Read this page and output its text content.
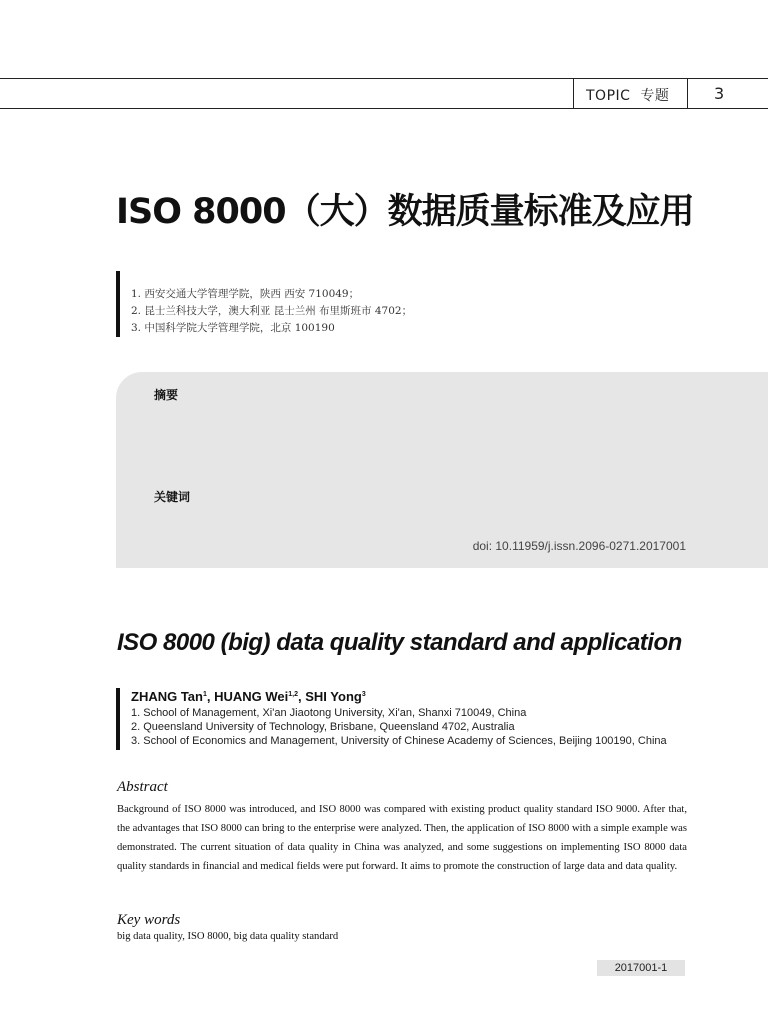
TOPIC 专题	3
ISO 8000（大）数据质量标准及应用
1. 西安交通大学管理学院，陕西 西安 710049；
2. 昆士兰科技大学，澳大利亚 昆士兰州 布里斯班市 4702；
3. 中国科学院大学管理学院，北京 100190
摘要
关键词
doi: 10.11959/j.issn.2096-0271.2017001
ISO 8000 (big) data quality standard and application
ZHANG Tan$^1$, HUANG Wei$^{1,2}$, SHI Yong$^3$
1. School of Management, Xi'an Jiaotong University, Xi'an, Shanxi 710049, China
2. Queensland University of Technology, Brisbane, Queensland 4702, Australia
3. School of Economics and Management, University of Chinese Academy of Sciences, Beijing 100190, China
Abstract
Background of ISO 8000 was introduced, and ISO 8000 was compared with existing product quality standard ISO 9000. After that, the advantages that ISO 8000 can bring to the enterprise were analyzed. Then, the application of ISO 8000 with a simple example was demonstrated. The current situation of data quality in China was analyzed, and some suggestions on implementing ISO 8000 data quality standards in financial and medical fields were put forward. It aims to promote the construction of large data and data quality.
Key words
big data quality, ISO 8000, big data quality standard
2017001-1
